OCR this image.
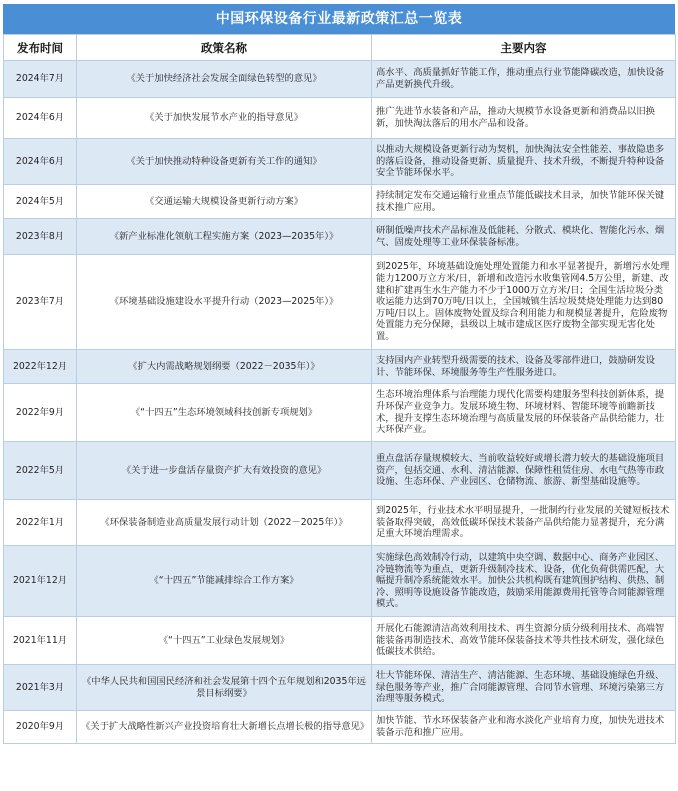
中国环保设备行业最新政策汇总一览表
发布时间	政策名称	主要内容
2024年7月	《关于加快经济社会发展全面绿色转型的意见》	高水平、高质量抓好节能工作，推动重点行业节能降碳改造，加快设备产品更新换代升级。
2024年6月	《关于加快发展节水产业的指导意见》	推广先进节水装备和产品，推动大规模节水设备更新和消费品以旧换新，加快淘汰落后的用水产品和设备。
2024年6月	《关于加快推动特种设备更新有关工作的通知》	以推动大规模设备更新行动为契机，加快淘汰安全性能差、事故隐患多的落后设备，推动设备更新、质量提升、技术升级，不断提升特种设备安全节能环保水平。
2024年5月	《交通运输大规模设备更新行动方案》	持续制定发布交通运输行业重点节能低碳技术目录，加快节能环保关键技术推广应用。
2023年8月	《新产业标准化领航工程实施方案（2023—2035年）》	研制低噪声技术产品标准及低能耗、分散式、模块化、智能化污水、烟气、固废处理等工业环保装备标准。
2023年7月	《环境基础设施建设水平提升行动（2023—2025年）》	到2025年，环境基础设施处理处置能力和水平显著提升，新增污水处理能力1200万立方米/日，新增和改造污水收集管网4.5万公里，新建、改建和扩建再生水生产能力不少于1000万立方米/日；全国生活垃圾分类收运能力达到70万吨/日以上，全国城镇生活垃圾焚烧处理能力达到80万吨/日以上。固体废物处置及综合利用能力和规模显著提升，危险废物处置能力充分保障，县级以上城市建成区医疗废物全部实现无害化处置。
2022年12月	《扩大内需战略规划纲要（2022－2035年）》	支持国内产业转型升级需要的技术、设备及零部件进口，鼓励研发设计、节能环保、环境服务等生产性服务进口。
2022年9月	《“十四五”生态环境领域科技创新专项规划》	生态环境治理体系与治理能力现代化需要构建服务型科技创新体系，提升环保产业竞争力。发展环境生物、环境材料、智能环境等前瞻新技术，提升支撑生态环境治理与高质量发展的环保装备产品供给能力，壮大环保产业。
2022年5月	《关于进一步盘活存量资产扩大有效投资的意见》	重点盘活存量规模较大、当前收益较好或增长潜力较大的基础设施项目资产，包括交通、水利、清洁能源、保障性租赁住房、水电气热等市政设施、生态环保、产业园区、仓储物流、旅游、新型基础设施等。
2022年1月	《环保装备制造业高质量发展行动计划（2022－2025年）》	到2025年，行业技术水平明显提升，一批制约行业发展的关键短板技术装备取得突破，高效低碳环保技术装备产品供给能力显著提升，充分满足重大环境治理需求。
2021年12月	《“十四五”节能减排综合工作方案》	实施绿色高效制冷行动，以建筑中央空调、数据中心、商务产业园区、冷链物流等为重点，更新升级制冷技术、设备，优化负荷供需匹配，大幅提升制冷系统能效水平。加快公共机构既有建筑围护结构、供热、制冷、照明等设施设备节能改造，鼓励采用能源费用托管等合同能源管理模式。
2021年11月	《“十四五”工业绿色发展规划》	开展化石能源清洁高效利用技术、再生资源分质分级利用技术、高端智能装备再制造技术、高效节能环保装备技术等共性技术研发，强化绿色低碳技术供给。
2021年3月	《中华人民共和国国民经济和社会发展第十四个五年规划和2035年远景目标纲要》	壮大节能环保、清洁生产、清洁能源、生态环境、基础设施绿色升级、绿色服务等产业，推广合同能源管理、合同节水管理、环境污染第三方治理等服务模式。
2020年9月	《关于扩大战略性新兴产业投资培育壮大新增长点增长极的指导意见》	加快节能、节水环保装备产业和海水淡化产业培育力度，加快先进技术装备示范和推广应用。
